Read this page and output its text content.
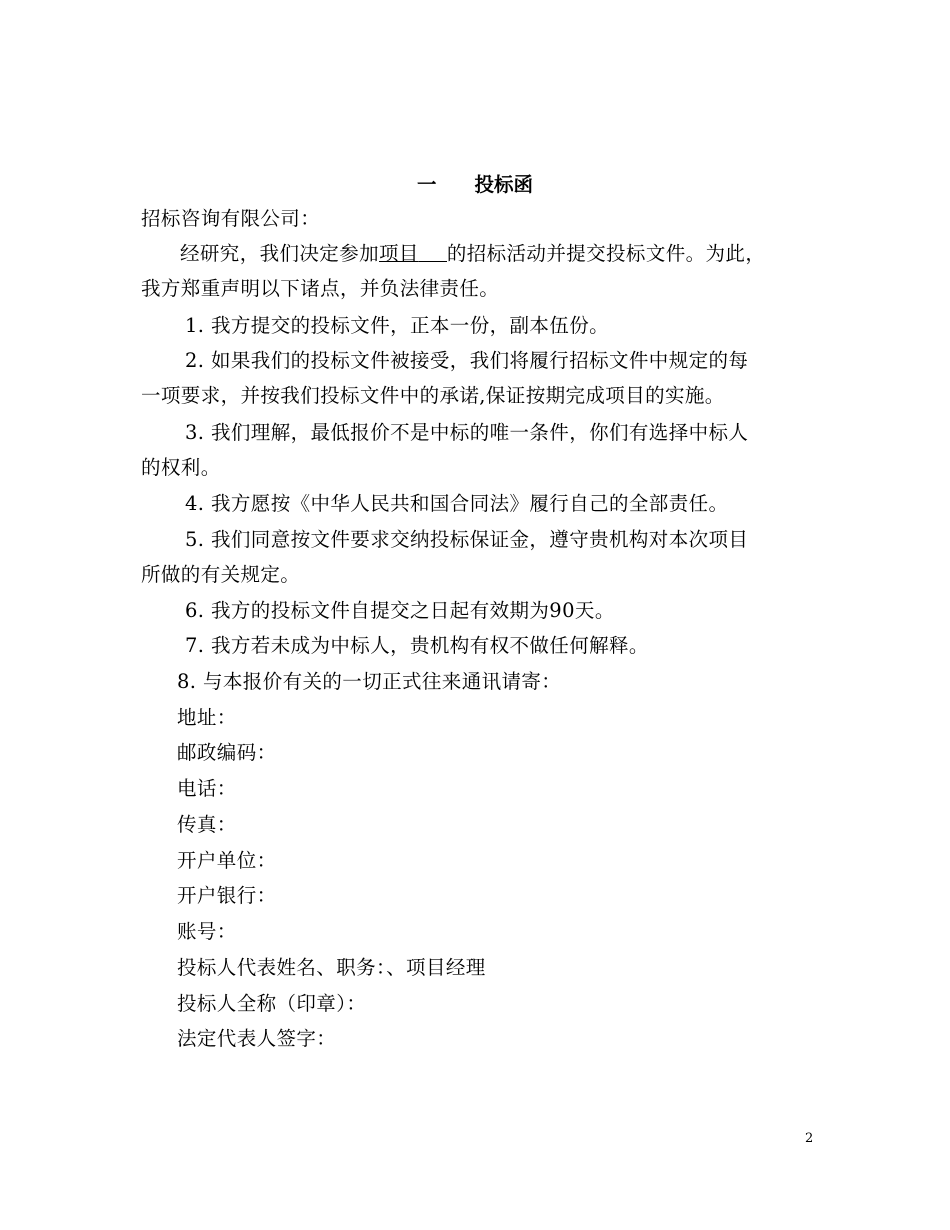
一 投标函
招标咨询有限公司：
经研究，我们决定参加项目 的招标活动并提交投标文件。为此，
我方郑重声明以下诸点，并负法律责任。
1. 我方提交的投标文件，正本一份，副本伍份。
2. 如果我们的投标文件被接受，我们将履行招标文件中规定的每
一项要求，并按我们投标文件中的承诺,保证按期完成项目的实施。
3. 我们理解，最低报价不是中标的唯一条件，你们有选择中标人
的权利。
4. 我方愿按《中华人民共和国合同法》履行自己的全部责任。
5. 我们同意按文件要求交纳投标保证金，遵守贵机构对本次项目
所做的有关规定。
6. 我方的投标文件自提交之日起有效期为90天。
7. 我方若未成为中标人，贵机构有权不做任何解释。
8. 与本报价有关的一切正式往来通讯请寄：
地址：
邮政编码：
电话：
传真：
开户单位：
开户银行：
账号：
投标人代表姓名、职务：、项目经理
投标人全称（印章）：
法定代表人签字：
2
